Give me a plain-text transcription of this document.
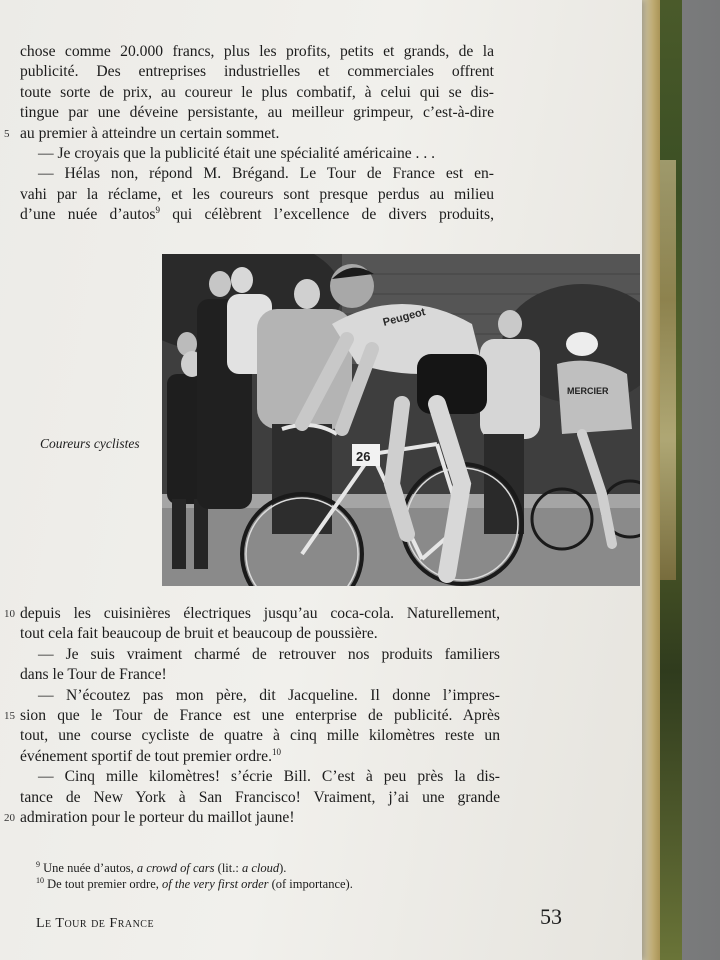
chose comme 20.000 francs, plus les profits, petits et grands, de la
publicité. Des entreprises industrielles et commerciales offrent
toute sorte de prix, au coureur le plus combatif, à celui qui se dis-
tingue par une déveine persistante, au meilleur grimpeur, c’est-à-dire
5 au premier à atteindre un certain sommet.
— Je croyais que la publicité était une spécialité américaine . . .
— Hélas non, répond M. Brégand. Le Tour de France est en-
vahi par la réclame, et les coureurs sont presque perdus au milieu
d’une nuée d’autos$^9$ qui célèbrent l’excellence de divers produits,

Peugeot
26
MERCIER
Coureurs cyclistes

10 depuis les cuisinières électriques jusqu’au coca-cola. Naturellement,
tout cela fait beaucoup de bruit et beaucoup de poussière.
— Je suis vraiment charmé de retrouver nos produits familiers
dans le Tour de France!
— N’écoutez pas mon père, dit Jacqueline. Il donne l’impres-
15 sion que le Tour de France est une enterprise de publicité. Après
tout, une course cycliste de quatre à cinq mille kilomètres reste un
événement sportif de tout premier ordre.$^{10}$
— Cinq mille kilomètres! s’écrie Bill. C’est à peu près la dis-
tance de New York à San Francisco! Vraiment, j’ai une grande
20 admiration pour le porteur du maillot jaune!

$^9$ Une nuée d’autos, a crowd of cars (lit.: a cloud).
$^{10}$ De tout premier ordre, of the very first order (of importance).
Le Tour de France	53
